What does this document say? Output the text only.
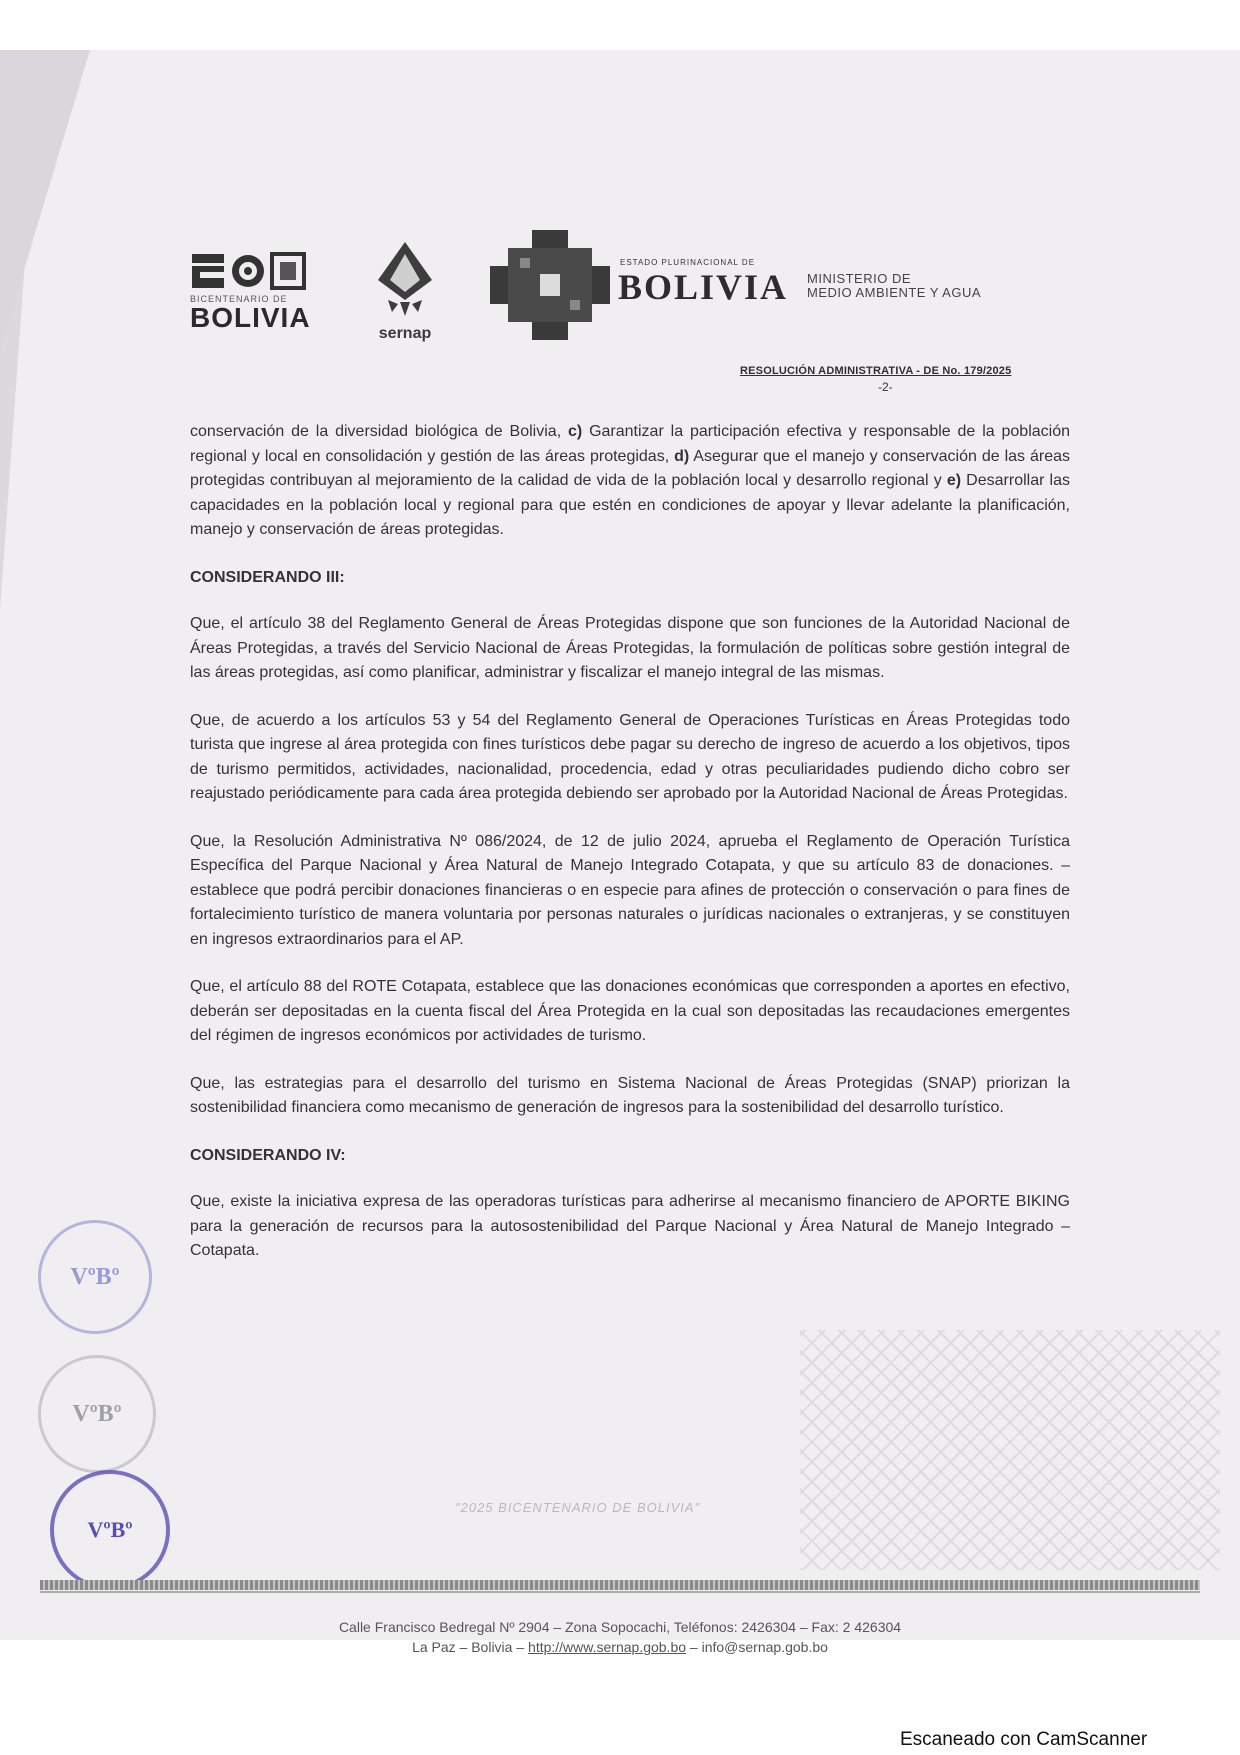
BICENTENARIO DE
BOLIVIA
sernap
ESTADO PLURINACIONAL DE
BOLIVIA MINISTERIO DE
MEDIO AMBIENTE Y AGUA
RESOLUCIÓN ADMINISTRATIVA - DE No. 179/2025
-2-

conservación de la diversidad biológica de Bolivia, c) Garantizar la participación efectiva y responsable de la población regional y local en consolidación y gestión de las áreas protegidas, d) Asegurar que el manejo y conservación de las áreas protegidas contribuyan al mejoramiento de la calidad de vida de la población local y desarrollo regional y e) Desarrollar las capacidades en la población local y regional para que estén en condiciones de apoyar y llevar adelante la planificación, manejo y conservación de áreas protegidas.

CONSIDERANDO III:

Que, el artículo 38 del Reglamento General de Áreas Protegidas dispone que son funciones de la Autoridad Nacional de Áreas Protegidas, a través del Servicio Nacional de Áreas Protegidas, la formulación de políticas sobre gestión integral de las áreas protegidas, así como planificar, administrar y fiscalizar el manejo integral de las mismas.

Que, de acuerdo a los artículos 53 y 54 del Reglamento General de Operaciones Turísticas en Áreas Protegidas todo turista que ingrese al área protegida con fines turísticos debe pagar su derecho de ingreso de acuerdo a los objetivos, tipos de turismo permitidos, actividades, nacionalidad, procedencia, edad y otras peculiaridades pudiendo dicho cobro ser reajustado periódicamente para cada área protegida debiendo ser aprobado por la Autoridad Nacional de Áreas Protegidas.

Que, la Resolución Administrativa Nº 086/2024, de 12 de julio 2024, aprueba el Reglamento de Operación Turística Específica del Parque Nacional y Área Natural de Manejo Integrado Cotapata, y que su artículo 83 de donaciones. – establece que podrá percibir donaciones financieras o en especie para afines de protección o conservación o para fines de fortalecimiento turístico de manera voluntaria por personas naturales o jurídicas nacionales o extranjeras, y se constituyen en ingresos extraordinarios para el AP.

Que, el artículo 88 del ROTE Cotapata, establece que las donaciones económicas que corresponden a aportes en efectivo, deberán ser depositadas en la cuenta fiscal del Área Protegida en la cual son depositadas las recaudaciones emergentes del régimen de ingresos económicos por actividades de turismo.

Que, las estrategias para el desarrollo del turismo en Sistema Nacional de Áreas Protegidas (SNAP) priorizan la sostenibilidad financiera como mecanismo de generación de ingresos para la sostenibilidad del desarrollo turístico.

CONSIDERANDO IV:

Que, existe la iniciativa expresa de las operadoras turísticas para adherirse al mecanismo financiero de APORTE BIKING para la generación de recursos para la autosostenibilidad del Parque Nacional y Área Natural de Manejo Integrado – Cotapata.

VºBº
VºBº
VºBº
"2025 BICENTENARIO DE BOLIVIA"
Calle Francisco Bedregal Nº 2904 – Zona Sopocachi, Teléfonos: 2426304 – Fax: 2 426304
La Paz – Bolivia – http://www.sernap.gob.bo – info@sernap.gob.bo
Escaneado con CamScanner
